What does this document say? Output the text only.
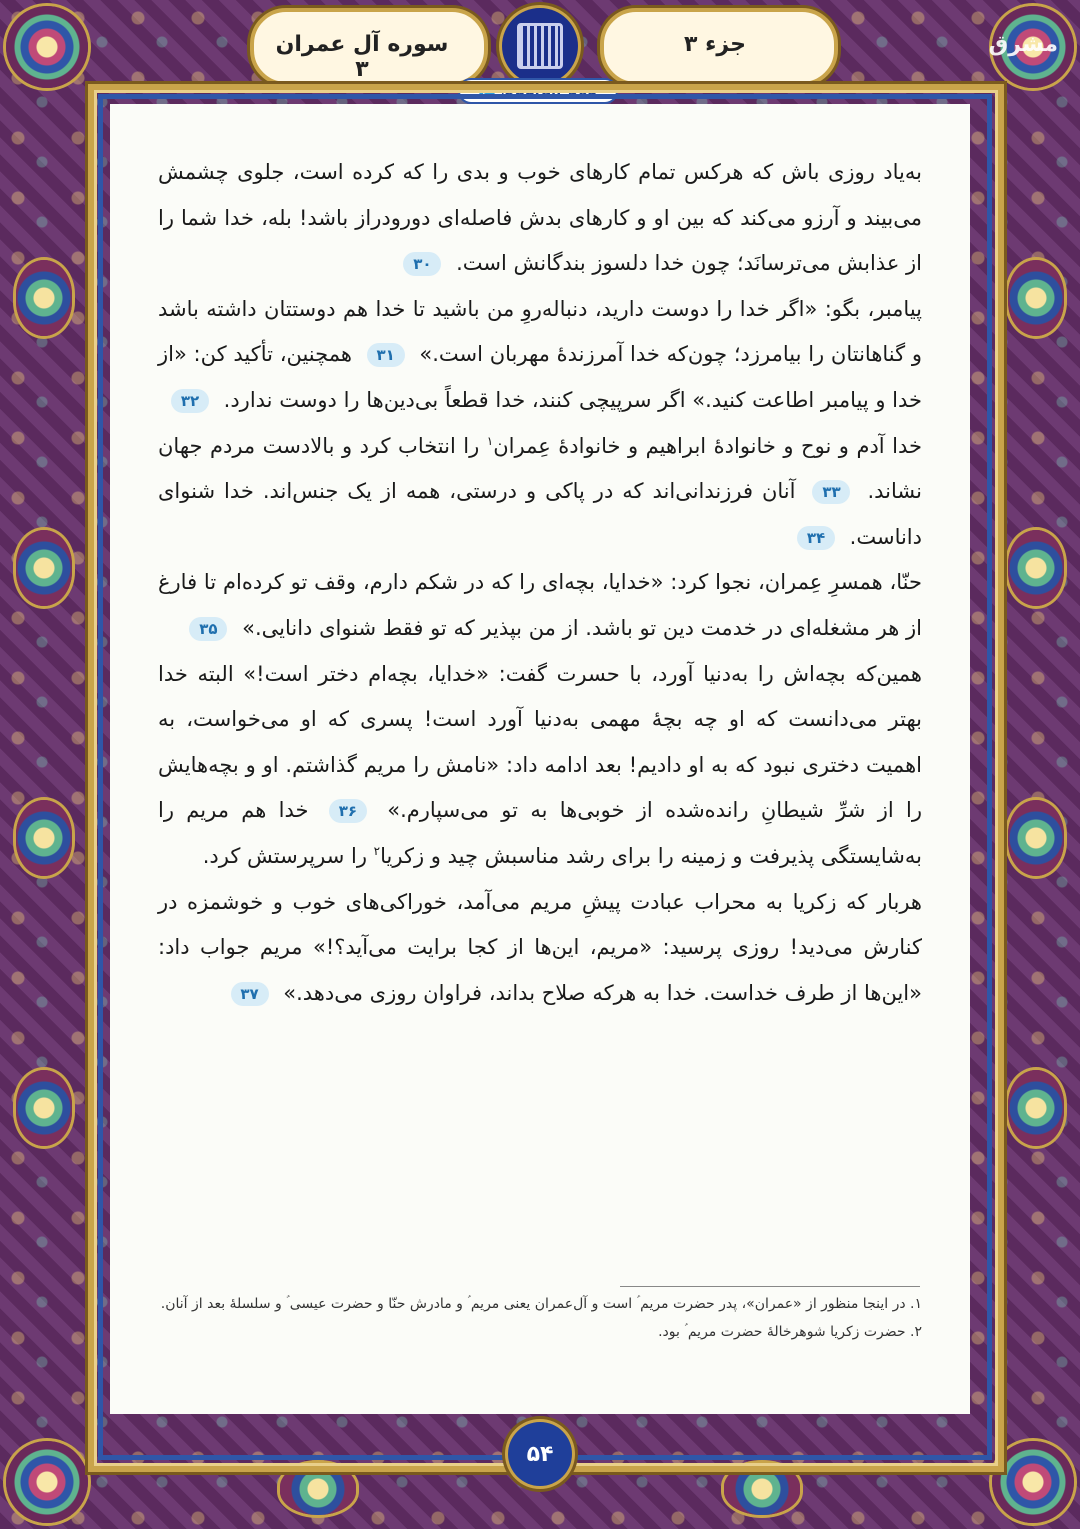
مشرق
سوره آل عمران ۳
جزء ۳
@quran_365

به‌یاد روزی باش که هرکس تمام کارهای خوب و بدی را که کرده است، جلوی چشمش می‌بیند و آرزو می‌کند که بین او و کارهای بدش فاصله‌ای دورودراز باشد! بله، خدا شما را از عذابش می‌ترسانَد؛ چون خدا دلسوز بندگانش است. ۳۰

پیامبر، بگو: «اگر خدا را دوست دارید، دنباله‌روِ من باشید تا خدا هم دوستتان داشته باشد و گناهانتان را بیامرزد؛ چون‌که خدا آمرزندهٔ مهربان است.» ۳۱ همچنین، تأکید کن: «از خدا و پیامبر اطاعت کنید.» اگر سرپیچی کنند، خدا قطعاً بی‌دین‌ها را دوست ندارد. ۳۲

خدا آدم و نوح و خانوادهٔ ابراهیم و خانوادهٔ عِمران$^۱$ را انتخاب کرد و بالادست مردم جهان نشاند. ۳۳ آنان فرزندانی‌اند که در پاکی و درستی، همه از یک جنس‌اند. خدا شنوای داناست. ۳۴

حنّا، همسرِ عِمران، نجوا کرد: «خدایا، بچه‌ای را که در شکم دارم، وقف تو کرده‌ام تا فارغ از هر مشغله‌ای در خدمت دین تو باشد. از من بپذیر که تو فقط شنوای دانایی.» ۳۵

همین‌که بچه‌اش را به‌دنیا آورد، با حسرت گفت: «خدایا، بچه‌ام دختر است!» البته خدا بهتر می‌دانست که او چه بچهٔ مهمی به‌دنیا آورد است! پسری که او می‌خواست، به اهمیت دختری نبود که به او دادیم! بعد ادامه داد: «نامش را مریم گذاشتم. او و بچه‌هایش را از شرِّ شیطانِ رانده‌شده از خوبی‌ها به تو می‌سپارم.» ۳۶ خدا هم مریم را به‌شایستگی پذیرفت و زمینه را برای رشد مناسبش چید و زکریا$^۲$ را سرپرستش کرد.

هربار که زکریا به محراب عبادت پیشِ مریم می‌آمد، خوراکی‌های خوب و خوشمزه در کنارش می‌دید! روزی پرسید: «مریم، این‌ها از کجا برایت می‌آید؟!» مریم جواب داد: «این‌ها از طرف خداست. خدا به هرکه صلاح بداند، فراوان روزی می‌دهد.» ۳۷

۱. در اینجا منظور از «عمران»، پدر حضرت مریم ؑ است و آل‌عمران یعنی مریم ؑ و مادرش حنّا و حضرت عیسی ؑ و سلسلهٔ بعد از آنان.

۲. حضرت زکریا شوهرخالهٔ حضرت مریم ؑ بود.

۵۴
